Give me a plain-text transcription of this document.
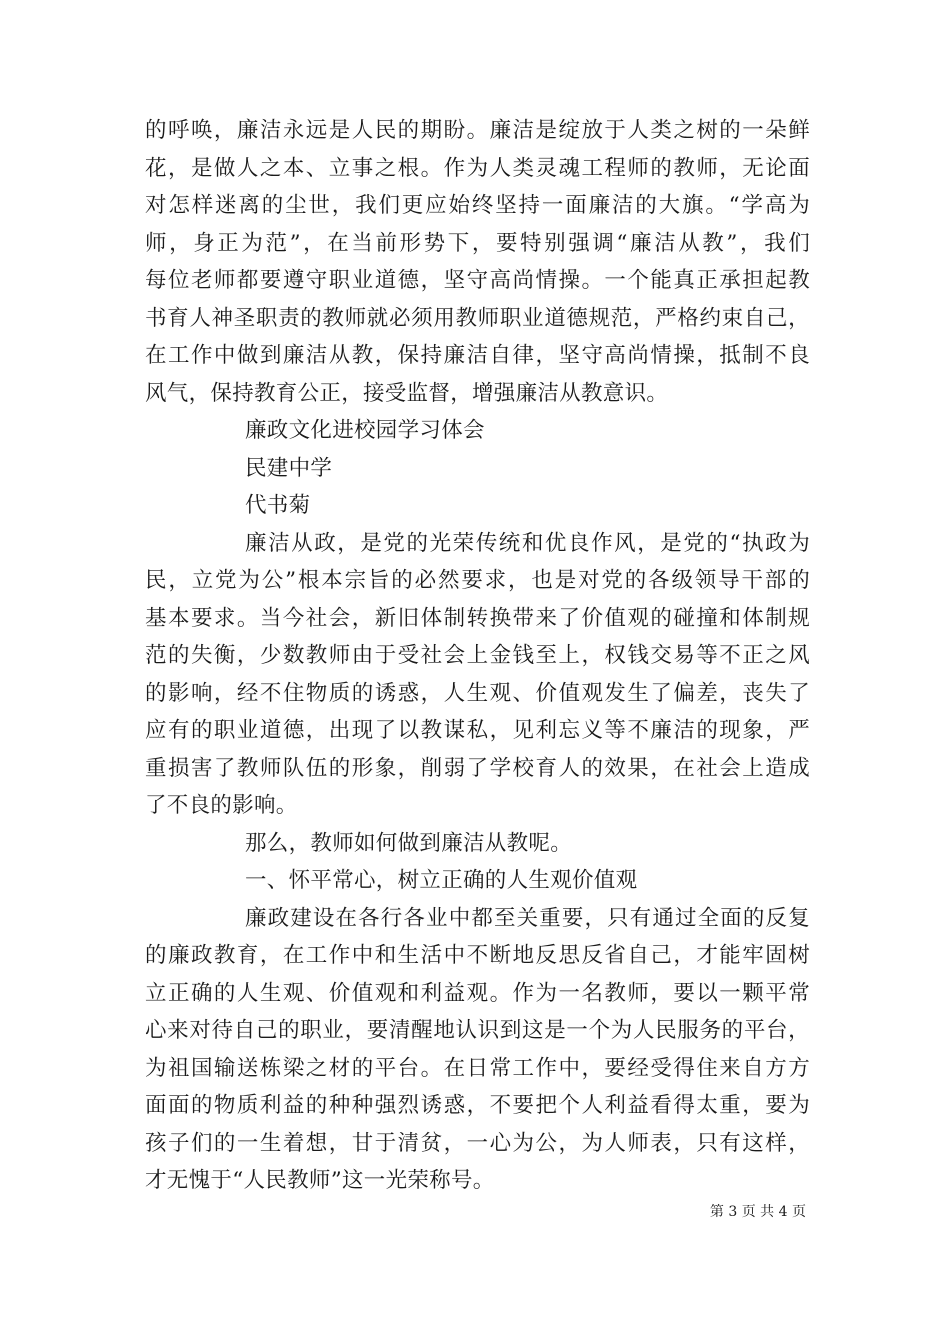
的呼唤，廉洁永远是人民的期盼。廉洁是绽放于人类之树的一朵鲜
花，是做人之本、立事之根。作为人类灵魂工程师的教师，无论面
对怎样迷离的尘世，我们更应始终坚持一面廉洁的大旗。“学高为
师，身正为范”，在当前形势下，要特别强调“廉洁从教”，我们
每位老师都要遵守职业道德，坚守高尚情操。一个能真正承担起教
书育人神圣职责的教师就必须用教师职业道德规范，严格约束自己，
在工作中做到廉洁从教，保持廉洁自律，坚守高尚情操，抵制不良
风气，保持教育公正，接受监督，增强廉洁从教意识。
廉政文化进校园学习体会
民建中学
代书菊
廉洁从政，是党的光荣传统和优良作风，是党的“执政为
民，立党为公”根本宗旨的必然要求，也是对党的各级领导干部的
基本要求。当今社会，新旧体制转换带来了价值观的碰撞和体制规
范的失衡，少数教师由于受社会上金钱至上，权钱交易等不正之风
的影响，经不住物质的诱惑，人生观、价值观发生了偏差，丧失了
应有的职业道德，出现了以教谋私，见利忘义等不廉洁的现象，严
重损害了教师队伍的形象，削弱了学校育人的效果，在社会上造成
了不良的影响。
那么，教师如何做到廉洁从教呢。
一、怀平常心，树立正确的人生观价值观
廉政建设在各行各业中都至关重要，只有通过全面的反复
的廉政教育，在工作中和生活中不断地反思反省自己，才能牢固树
立正确的人生观、价值观和利益观。作为一名教师，要以一颗平常
心来对待自己的职业，要清醒地认识到这是一个为人民服务的平台，
为祖国输送栋梁之材的平台。在日常工作中，要经受得住来自方方
面面的物质利益的种种强烈诱惑，不要把个人利益看得太重，要为
孩子们的一生着想，甘于清贫，一心为公，为人师表，只有这样，
才无愧于“人民教师”这一光荣称号。
第 3 页 共 4 页
